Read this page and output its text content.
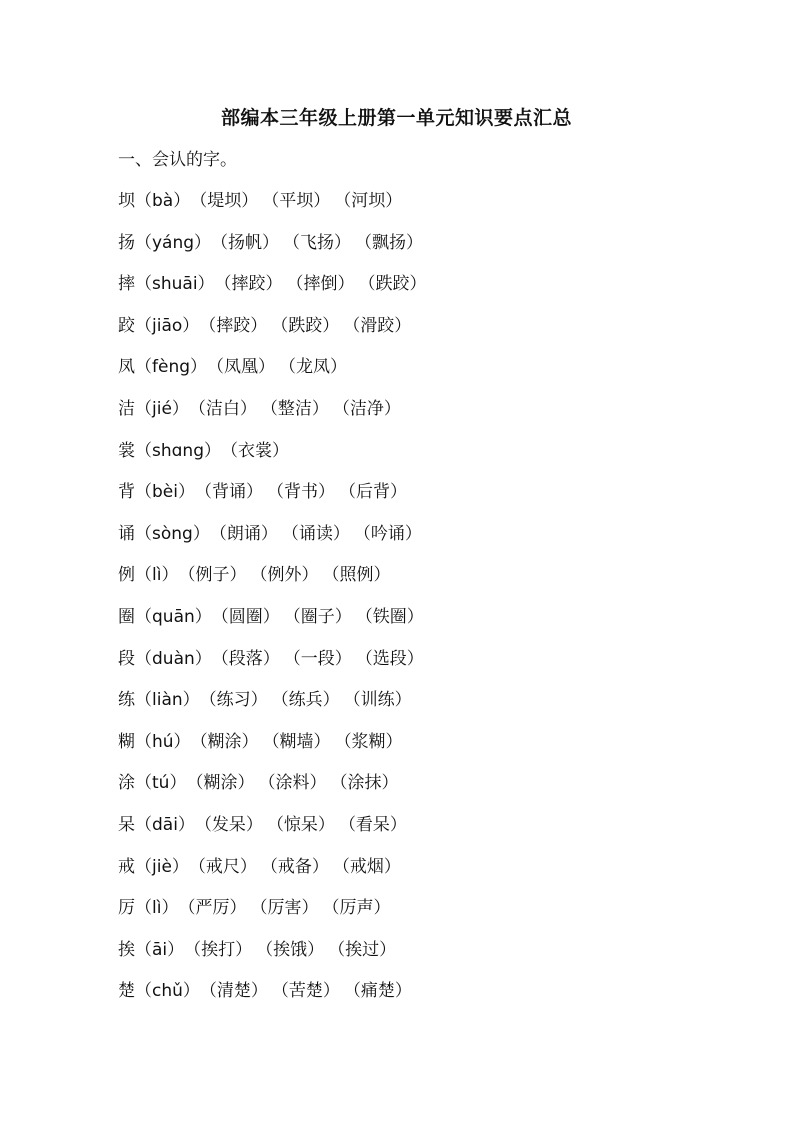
部编本三年级上册第一单元知识要点汇总
一、会认的字。
坝（bà）（堤坝） （平坝） （河坝）
扬（yáng）（扬帆） （飞扬） （飘扬）
摔（shuāi）（摔跤） （摔倒） （跌跤）
跤（jiāo）（摔跤） （跌跤） （滑跤）
凤（fèng）（凤凰） （龙凤）
洁（jié）（洁白） （整洁） （洁净）
裳（shɑng）（衣裳）
背（bèi）（背诵） （背书） （后背）
诵（sòng）（朗诵） （诵读） （吟诵）
例（lì）（例子） （例外） （照例）
圈（quān）（圆圈） （圈子） （铁圈）
段（duàn）（段落） （一段） （选段）
练（liàn）（练习） （练兵） （训练）
糊（hú）（糊涂） （糊墙） （浆糊）
涂（tú）（糊涂） （涂料） （涂抹）
呆（dāi）（发呆） （惊呆） （看呆）
戒（jiè）（戒尺） （戒备） （戒烟）
厉（lì）（严厉） （厉害） （厉声）
挨（āi）（挨打） （挨饿） （挨过）
楚（chǔ）（清楚） （苦楚） （痛楚）
